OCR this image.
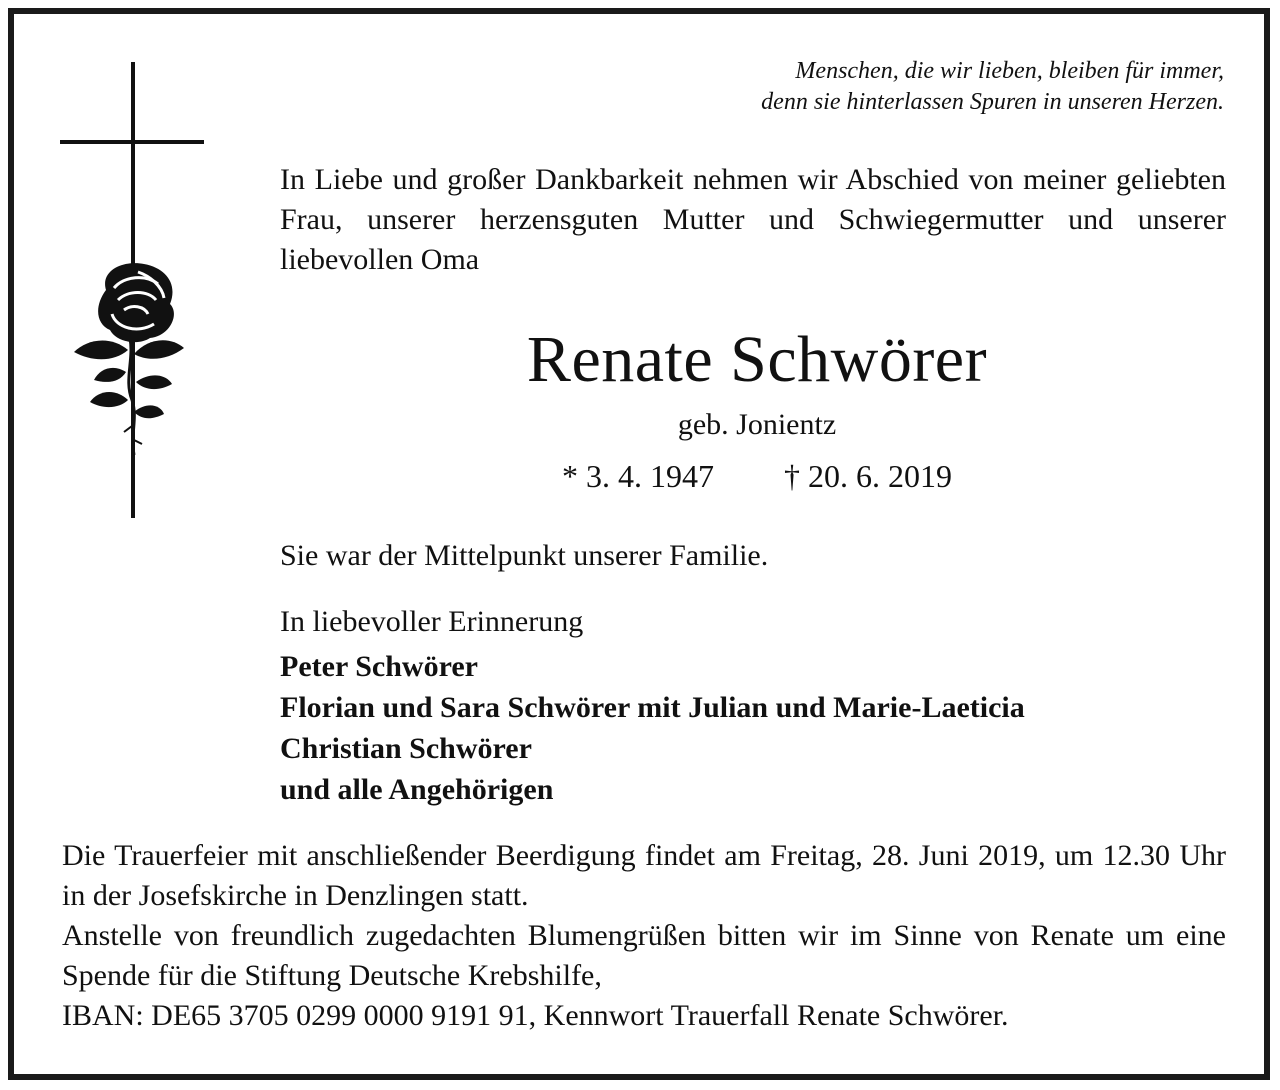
Menschen, die wir lieben, bleiben für immer,
denn sie hinterlassen Spuren in unseren Herzen.
In Liebe und großer Dankbarkeit nehmen wir Abschied von meiner geliebten Frau, unserer herzensguten Mutter und Schwiegermutter und unserer liebevollen Oma
Renate Schwörer
geb. Jonientz
* 3. 4. 1947 † 20. 6. 2019
Sie war der Mittelpunkt unserer Familie.
In liebevoller Erinnerung
Peter Schwörer
Florian und Sara Schwörer mit Julian und Marie-Laeticia
Christian Schwörer
und alle Angehörigen

Die Trauerfeier mit anschließender Beerdigung findet am Freitag, 28. Juni 2019, um 12.30 Uhr in der Josefskirche in Denzlingen statt.

Anstelle von freundlich zugedachten Blumengrüßen bitten wir im Sinne von Renate um eine Spende für die Stiftung Deutsche Krebshilfe,

IBAN: DE65 3705 0299 0000 9191 91, Kennwort Trauerfall Renate Schwörer.
